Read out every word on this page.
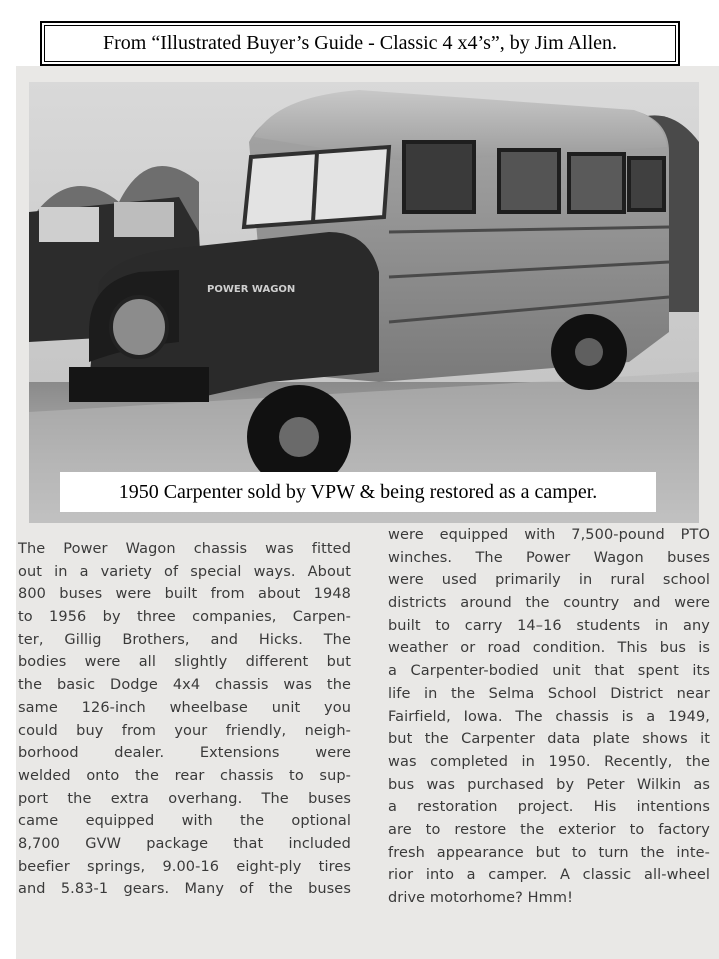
From “Illustrated Buyer’s Guide - Classic 4 x4’s”, by Jim Allen.
POWER WAGON
1950 Carpenter sold by VPW & being restored as a camper.
The Power Wagon chassis was fitted
out in a variety of special ways. About
800 buses were built from about 1948
to 1956 by three companies, Carpen-
ter, Gillig Brothers, and Hicks. The
bodies were all slightly different but
the basic Dodge 4x4 chassis was the
same 126-inch wheelbase unit you
could buy from your friendly, neigh-
borhood dealer. Extensions were
welded onto the rear chassis to sup-
port the extra overhang. The buses
came equipped with the optional
8,700 GVW package that included
beefier springs, 9.00-16 eight-ply tires
and 5.83-1 gears. Many of the buses
were equipped with 7,500-pound PTO
winches. The Power Wagon buses
were used primarily in rural school
districts around the country and were
built to carry 14–16 students in any
weather or road condition. This bus is
a Carpenter-bodied unit that spent its
life in the Selma School District near
Fairfield, Iowa. The chassis is a 1949,
but the Carpenter data plate shows it
was completed in 1950. Recently, the
bus was purchased by Peter Wilkin as
a restoration project. His intentions
are to restore the exterior to factory
fresh appearance but to turn the inte-
rior into a camper. A classic all-wheel
drive motorhome? Hmm!
